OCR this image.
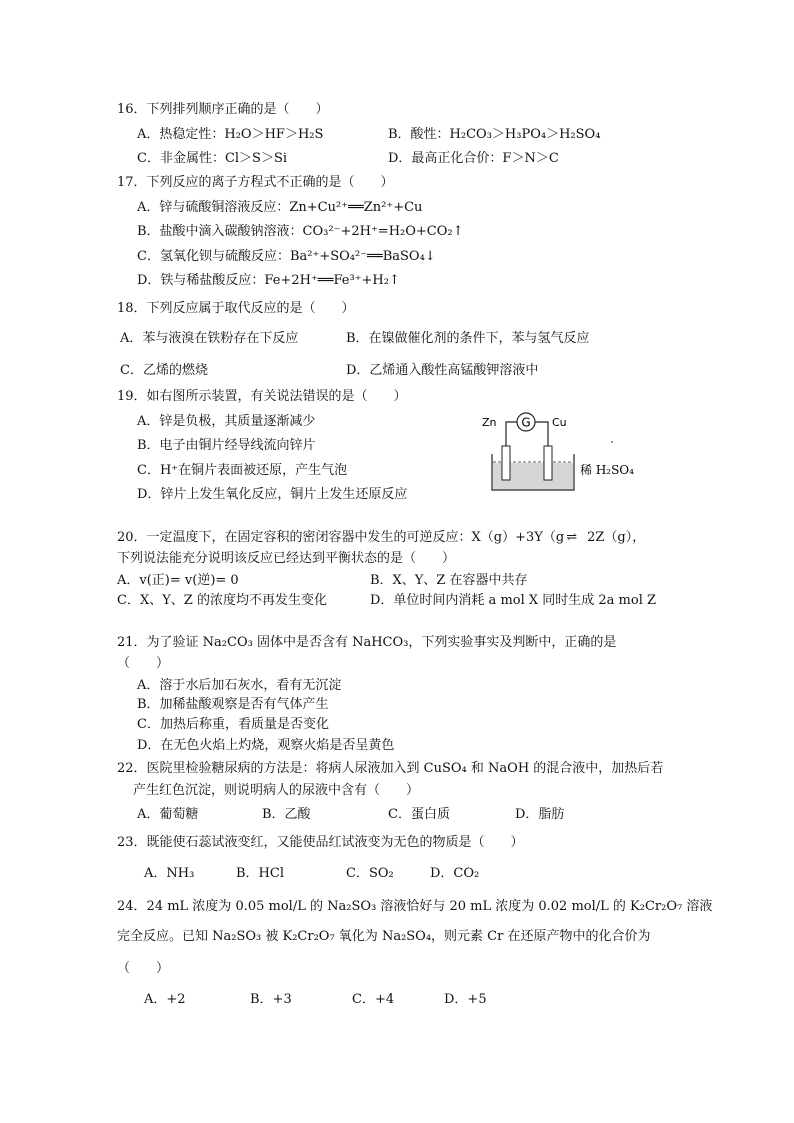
16．下列排列顺序正确的是（　　）
A．热稳定性：H₂O＞HF＞H₂S	B．酸性：H₂CO₃＞H₃PO₄＞H₂SO₄
C．非金属性：Cl＞S＞Si	D．最高正化合价：F＞N＞C
17．下列反应的离子方程式不正确的是（　　）
A．锌与硫酸铜溶液反应：Zn+Cu²⁺══Zn²⁺+Cu
B．盐酸中滴入碳酸钠溶液：CO₃²⁻+2H⁺=H₂O+CO₂↑
C．氢氧化钡与硫酸反应：Ba²⁺+SO₄²⁻══BaSO₄↓
D．铁与稀盐酸反应：Fe+2H⁺══Fe³⁺+H₂↑
18．下列反应属于取代反应的是（　　）
A．苯与液溴在铁粉存在下反应	B．在镍做催化剂的条件下，苯与氢气反应
C．乙烯的燃烧	D．乙烯通入酸性高锰酸钾溶液中
19．如右图所示装置，有关说法错误的是（　　）
A．锌是负极，其质量逐渐减少
B．电子由铜片经导线流向锌片
C．H⁺在铜片表面被还原，产生气泡
D．锌片上发生氧化反应，铜片上发生还原反应
G
Zn	Cu
稀 H₂SO₄
20．一定温度下，在固定容积的密闭容器中发生的可逆反应：X（g）+3Y（g ⇌ 2Z（g），
下列说法能充分说明该反应已经达到平衡状态的是（　　）
A．v(正)= v(逆)= 0	B．X、Y、Z 在容器中共存
C．X、Y、Z 的浓度均不再发生变化	D．单位时间内消耗 a mol X 同时生成 2a mol Z
21．为了验证 Na₂CO₃ 固体中是否含有 NaHCO₃，下列实验事实及判断中，正确的是
（　　）
A．溶于水后加石灰水，看有无沉淀
B．加稀盐酸观察是否有气体产生
C．加热后称重，看质量是否变化
D．在无色火焰上灼烧，观察火焰是否呈黄色
22．医院里检验糖尿病的方法是：将病人尿液加入到 CuSO₄ 和 NaOH 的混合液中，加热后若
产生红色沉淀，则说明病人的尿液中含有（　　）
A．葡萄糖	B．乙酸	C．蛋白质	D．脂肪
23．既能使石蕊试液变红，又能使品红试液变为无色的物质是（　　）
A．NH₃	B．HCl	C．SO₂	D．CO₂
24．24 mL 浓度为 0.05 mol/L 的 Na₂SO₃ 溶液恰好与 20 mL 浓度为 0.02 mol/L 的 K₂Cr₂O₇ 溶液
完全反应。已知 Na₂SO₃ 被 K₂Cr₂O₇ 氧化为 Na₂SO₄，则元素 Cr 在还原产物中的化合价为
（　　）
A．+2	B．+3	C．+4	D．+5
